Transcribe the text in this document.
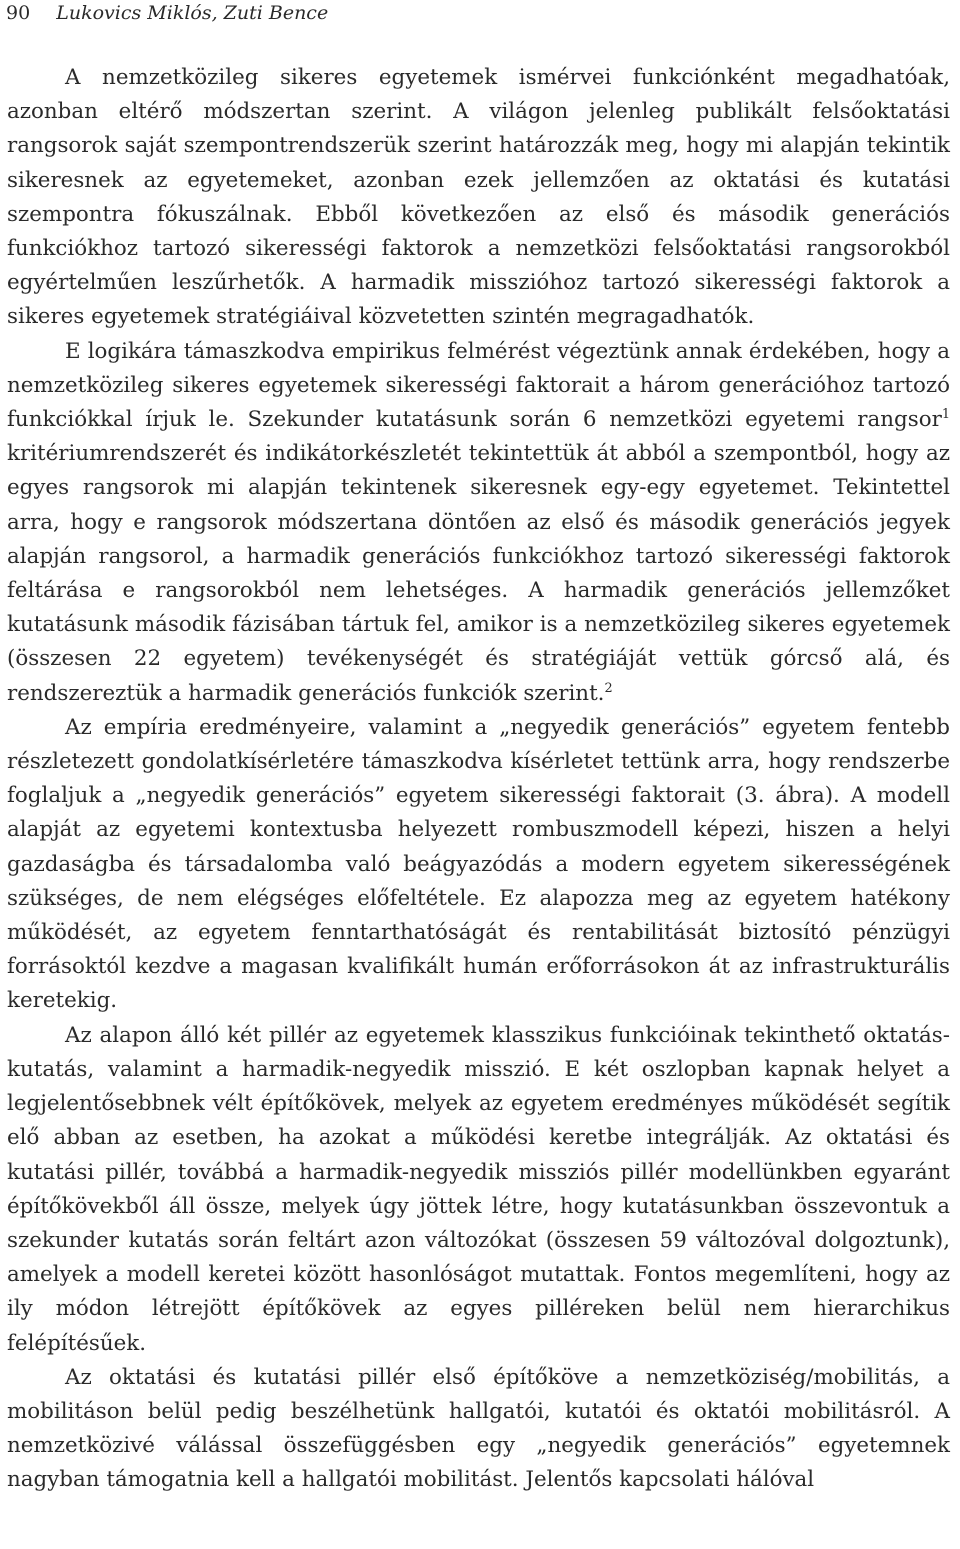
90 Lukovics Miklós, Zuti Bence

A nemzetközileg sikeres egyetemek ismérvei funkciónként megadhatóak, azonban eltérő módszertan szerint. A világon jelenleg publikált felsőoktatási rangsorok saját szempontrendszerük szerint határozzák meg, hogy mi alapján tekintik sikeresnek az egyetemeket, azonban ezek jellemzően az oktatási és kutatási szempontra fókuszálnak. Ebből következően az első és második generációs funkciókhoz tartozó sikerességi faktorok a nemzetközi felsőoktatási rangsorokból egyértelműen leszűrhetők. A harmadik misszióhoz tartozó sikerességi faktorok a sikeres egyetemek stratégiáival közvetetten szintén megragadhatók.

E logikára támaszkodva empirikus felmérést végeztünk annak érdekében, hogy a nemzetközileg sikeres egyetemek sikerességi faktorait a három generációhoz tartozó funkciókkal írjuk le. Szekunder kutatásunk során 6 nemzetközi egyetemi rangsor$^1$ kritériumrendszerét és indikátorkészletét tekintettük át abból a szempontból, hogy az egyes rangsorok mi alapján tekintenek sikeresnek egy-egy egyetemet. Tekintettel arra, hogy e rangsorok módszertana döntően az első és második generációs jegyek alapján rangsorol, a harmadik generációs funkciókhoz tartozó sikerességi faktorok feltárása e rangsorokból nem lehetséges. A harmadik generációs jellemzőket kutatásunk második fázisában tártuk fel, amikor is a nemzetközileg sikeres egyetemek (összesen 22 egyetem) tevékenységét és stratégiáját vettük górcső alá, és rendszereztük a harmadik generációs funkciók szerint.$^2$

Az empíria eredményeire, valamint a „negyedik generációs” egyetem fentebb részletezett gondolatkísérletére támaszkodva kísérletet tettünk arra, hogy rendszerbe foglaljuk a „negyedik generációs” egyetem sikerességi faktorait (3. ábra). A modell alapját az egyetemi kontextusba helyezett rombuszmodell képezi, hiszen a helyi gazdaságba és társadalomba való beágyazódás a modern egyetem sikerességének szükséges, de nem elégséges előfeltétele. Ez alapozza meg az egyetem hatékony működését, az egyetem fenntarthatóságát és rentabilitását biztosító pénzügyi forrásoktól kezdve a magasan kvalifikált humán erőforrásokon át az infrastrukturális keretekig.

Az alapon álló két pillér az egyetemek klasszikus funkcióinak tekinthető oktatás-kutatás, valamint a harmadik-negyedik misszió. E két oszlopban kapnak helyet a legjelentősebbnek vélt építőkövek, melyek az egyetem eredményes működését segítik elő abban az esetben, ha azokat a működési keretbe integrálják. Az oktatási és kutatási pillér, továbbá a harmadik-negyedik missziós pillér modellünkben egyaránt építőkövekből áll össze, melyek úgy jöttek létre, hogy kutatásunkban összevontuk a szekunder kutatás során feltárt azon változókat (összesen 59 változóval dolgoztunk), amelyek a modell keretei között hasonlóságot mutattak. Fontos megemlíteni, hogy az ily módon létrejött építőkövek az egyes pilléreken belül nem hierarchikus felépítésűek.

Az oktatási és kutatási pillér első építőköve a nemzetköziség/mobilitás, a mobilitáson belül pedig beszélhetünk hallgatói, kutatói és oktatói mobilitásról. A nemzetközivé válással összefüggésben egy „negyedik generációs” egyetemnek nagyban támogatnia kell a hallgatói mobilitást. Jelentős kapcsolati hálóval
